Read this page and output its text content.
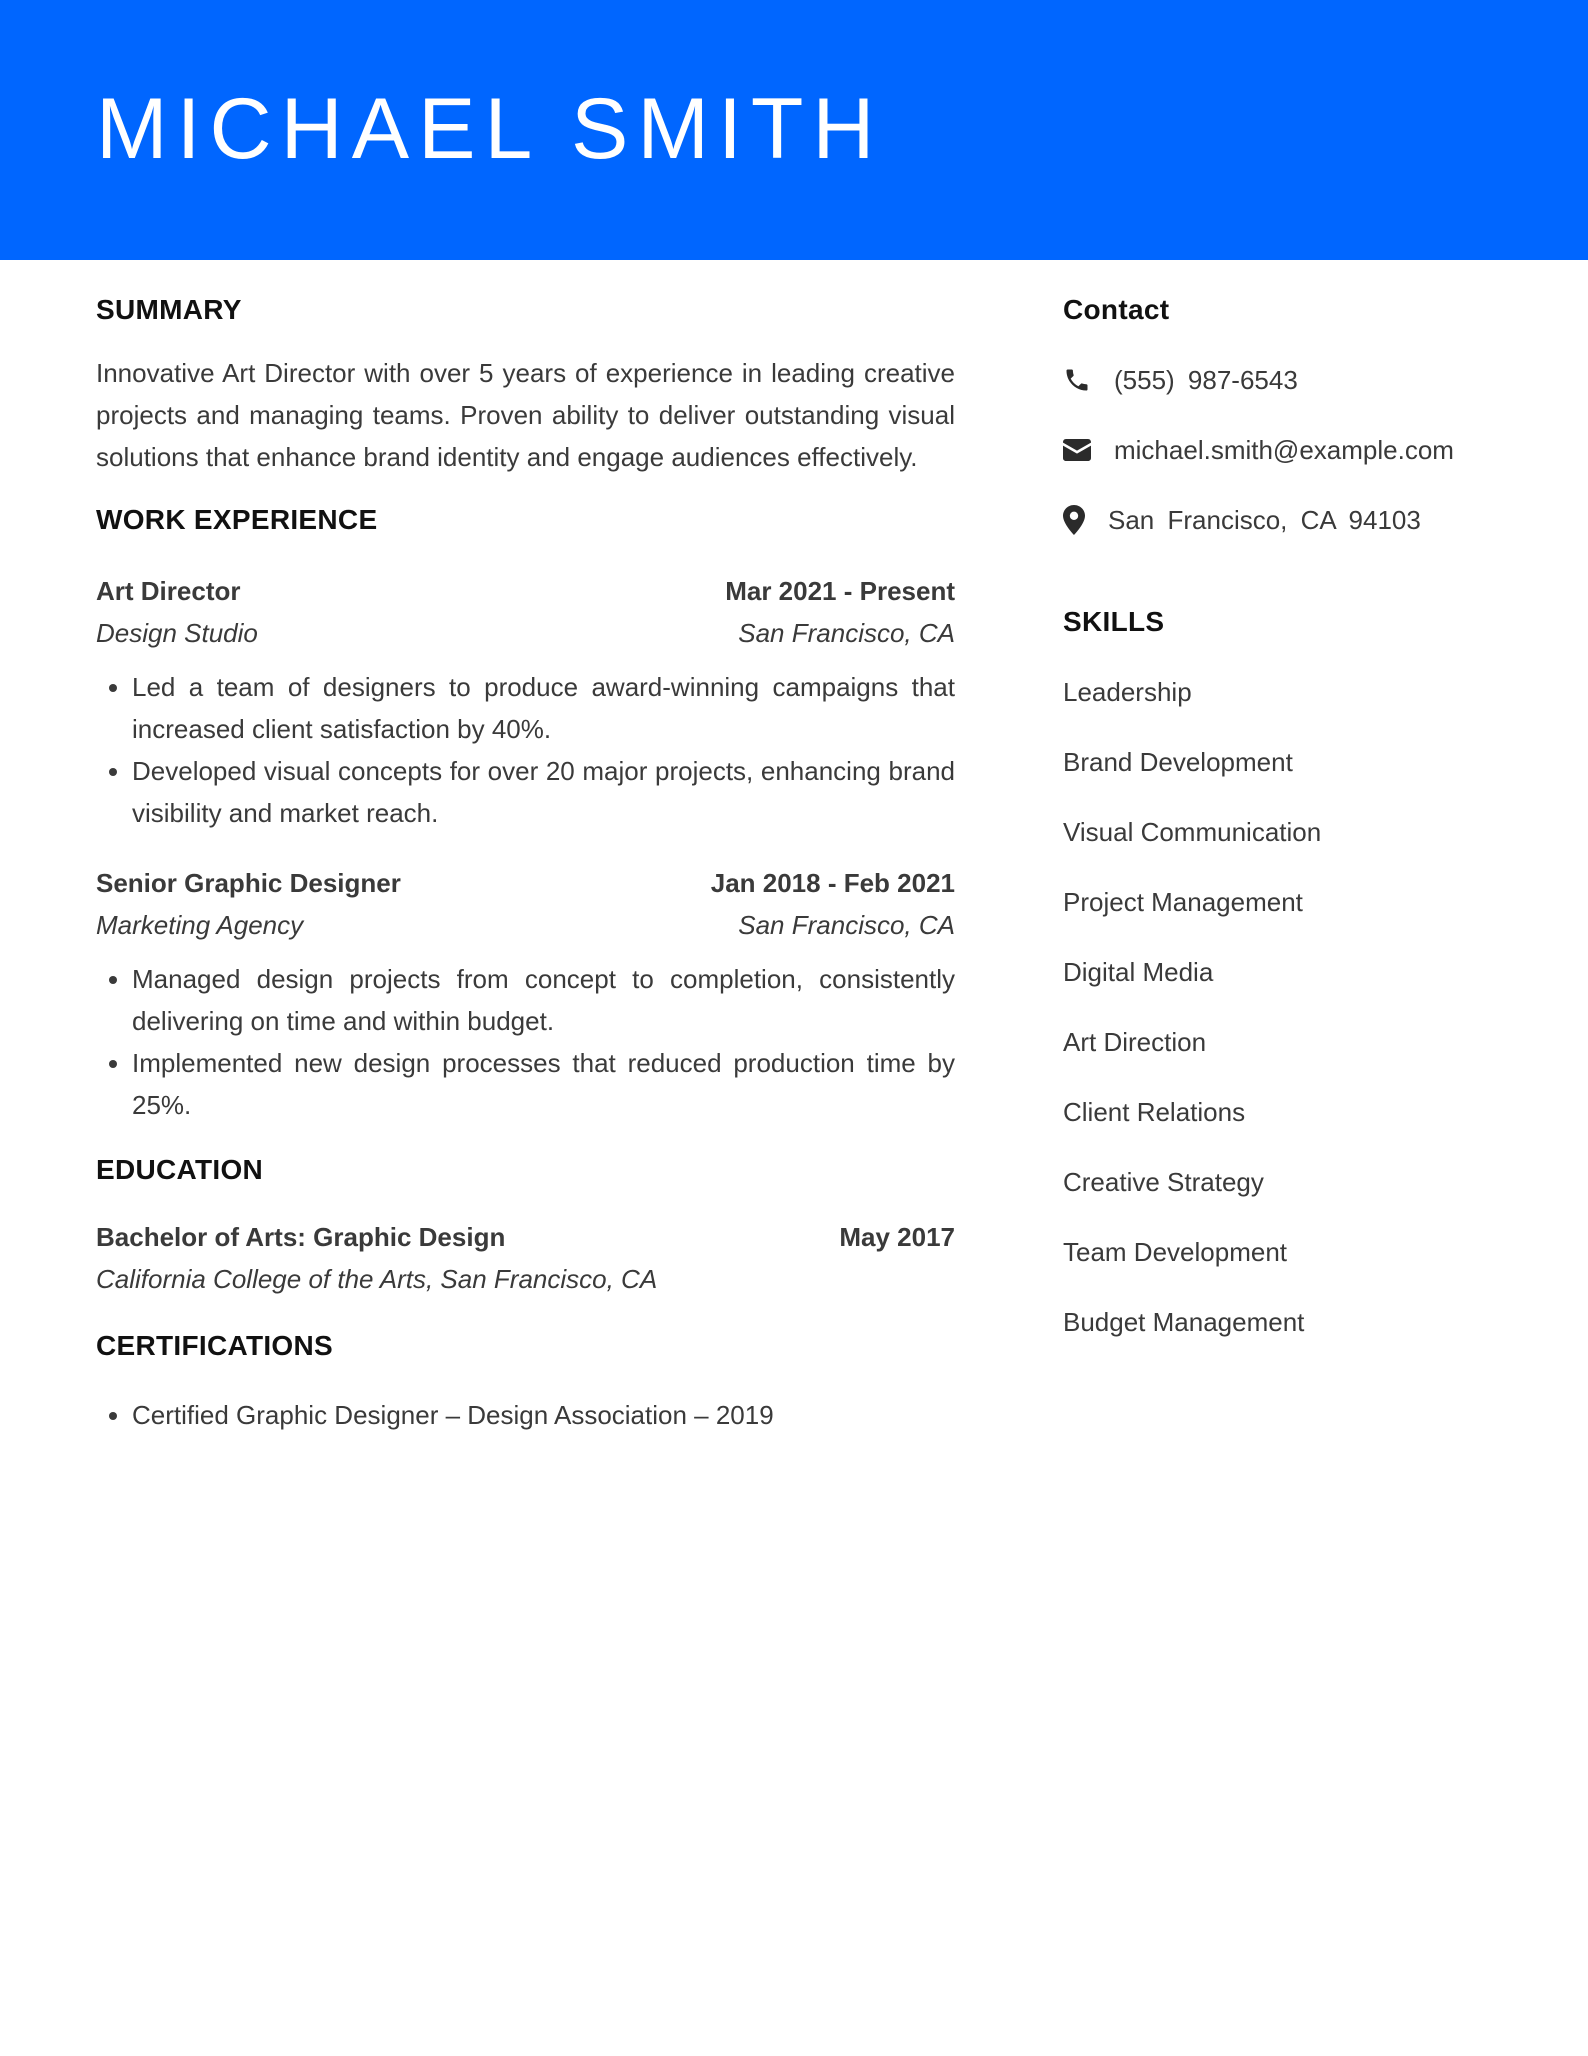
MICHAEL SMITH
SUMMARY

Innovative Art Director with over 5 years of experience in leading creative projects and managing teams. Proven ability to deliver outstanding visual solutions that enhance brand identity and engage audiences effectively.

WORK EXPERIENCE
Art Director	Mar 2021 - Present
Design Studio	San Francisco, CA
• Led a team of designers to produce award-winning campaigns that increased client satisfaction by 40%.
• Developed visual concepts for over 20 major projects, enhancing brand visibility and market reach.
Senior Graphic Designer	Jan 2018 - Feb 2021
Marketing Agency	San Francisco, CA
• Managed design projects from concept to completion, consistently delivering on time and within budget.
• Implemented new design processes that reduced production time by 25%.
EDUCATION
Bachelor of Arts: Graphic Design	May 2017
California College of the Arts, San Francisco, CA
CERTIFICATIONS
• Certified Graphic Designer – Design Association – 2019
Contact
(555) 987-6543
michael.smith@example.com
San Francisco, CA 94103
SKILLS

Leadership

Brand Development

Visual Communication

Project Management

Digital Media

Art Direction

Client Relations

Creative Strategy

Team Development

Budget Management
